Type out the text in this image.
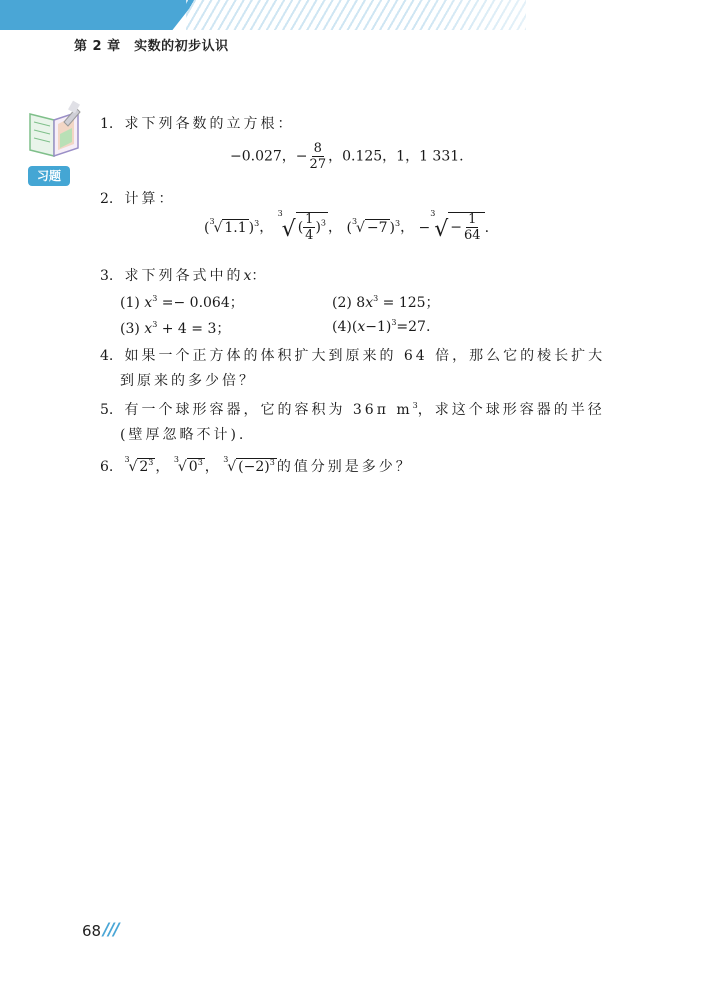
第 2 章　实数的初步认识
习题
1. 求下列各数的立方根：
−0.027，− $\frac{8}{27}$ ，0.125，1，1 331.
2. 计算：
( 3
√ 1.1 )$^3$，
3
√ ( $\frac{1}{4} )^3$ ， ( 3
√ −7 )$^3$， −
3
√ − $\frac{1}{64}$ .
3. 求下列各式中的x：
(1) $x^3 =- 0.064$；	(2) $8x^3 = 125$；
(3) $x^3 + 4 = 3$；	$(4)(x-1)^3=27$.
4. 如果一个正方体的体积扩大到原来的 64 倍，那么它的棱长扩大
到原来的多少倍？
5. 有一个球形容器，它的容积为 36π $m^3$，求这个球形容器的半径
(壁厚忽略不计).
6. 3
√ $2^3$ ， 3
√ $0^3$ ， 3
√ $(-2)^3$ 的值分别是多少？
68 ///
